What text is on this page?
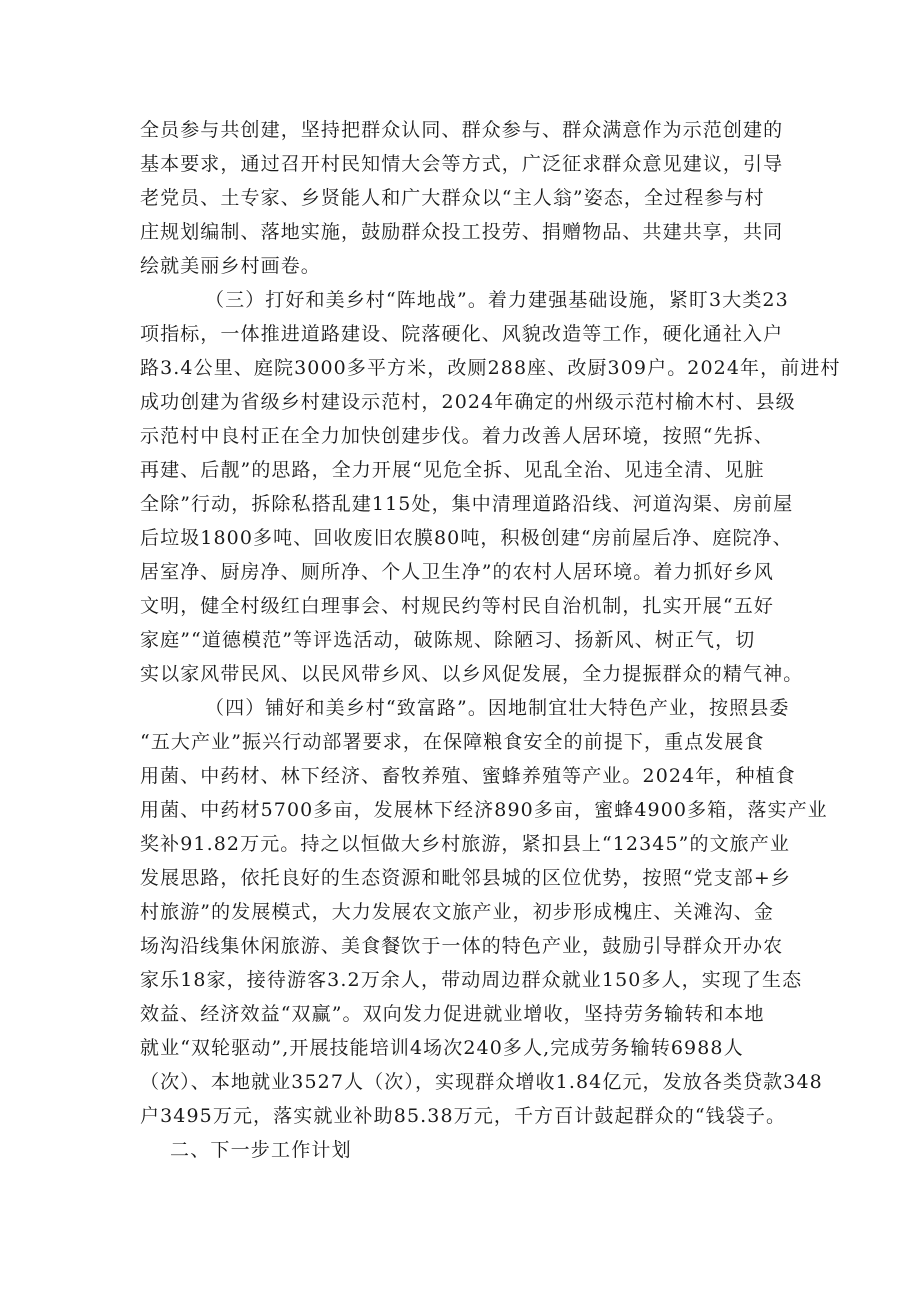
全员参与共创建，坚持把群众认同、群众参与、群众满意作为示范创建的
基本要求，通过召开村民知情大会等方式，广泛征求群众意见建议，引导
老党员、土专家、乡贤能人和广大群众以“主人翁”姿态，全过程参与村
庄规划编制、落地实施，鼓励群众投工投劳、捐赠物品、共建共享，共同
绘就美丽乡村画卷。
（三）打好和美乡村“阵地战”。着力建强基础设施，紧盯3大类23
项指标，一体推进道路建设、院落硬化、风貌改造等工作，硬化通社入户
路3.4公里、庭院3000多平方米，改厕288座、改厨309户。2024年，前进村
成功创建为省级乡村建设示范村，2024年确定的州级示范村榆木村、县级
示范村中良村正在全力加快创建步伐。着力改善人居环境，按照“先拆、
再建、后靓”的思路，全力开展“见危全拆、见乱全治、见违全清、见脏
全除”行动，拆除私搭乱建115处，集中清理道路沿线、河道沟渠、房前屋
后垃圾1800多吨、回收废旧农膜80吨，积极创建“房前屋后净、庭院净、
居室净、厨房净、厕所净、个人卫生净”的农村人居环境。着力抓好乡风
文明，健全村级红白理事会、村规民约等村民自治机制，扎实开展“五好
家庭”“道德模范”等评选活动，破陈规、除陋习、扬新风、树正气，切
实以家风带民风、以民风带乡风、以乡风促发展，全力提振群众的精气神。
（四）铺好和美乡村“致富路”。因地制宜壮大特色产业，按照县委
“五大产业”振兴行动部署要求，在保障粮食安全的前提下，重点发展食
用菌、中药材、林下经济、畜牧养殖、蜜蜂养殖等产业。2024年，种植食
用菌、中药材5700多亩，发展林下经济890多亩，蜜蜂4900多箱，落实产业
奖补91.82万元。持之以恒做大乡村旅游，紧扣县上“12345”的文旅产业
发展思路，依托良好的生态资源和毗邻县城的区位优势，按照“党支部+乡
村旅游”的发展模式，大力发展农文旅产业，初步形成槐庄、关滩沟、金
场沟沿线集休闲旅游、美食餐饮于一体的特色产业，鼓励引导群众开办农
家乐18家，接待游客3.2万余人，带动周边群众就业150多人，实现了生态
效益、经济效益“双赢”。双向发力促进就业增收，坚持劳务输转和本地
就业“双轮驱动”,开展技能培训4场次240多人,完成劳务输转6988人
（次）、本地就业3527人（次），实现群众增收1.84亿元，发放各类贷款348
户3495万元，落实就业补助85.38万元，千方百计鼓起群众的“钱袋子。
二、下一步工作计划
